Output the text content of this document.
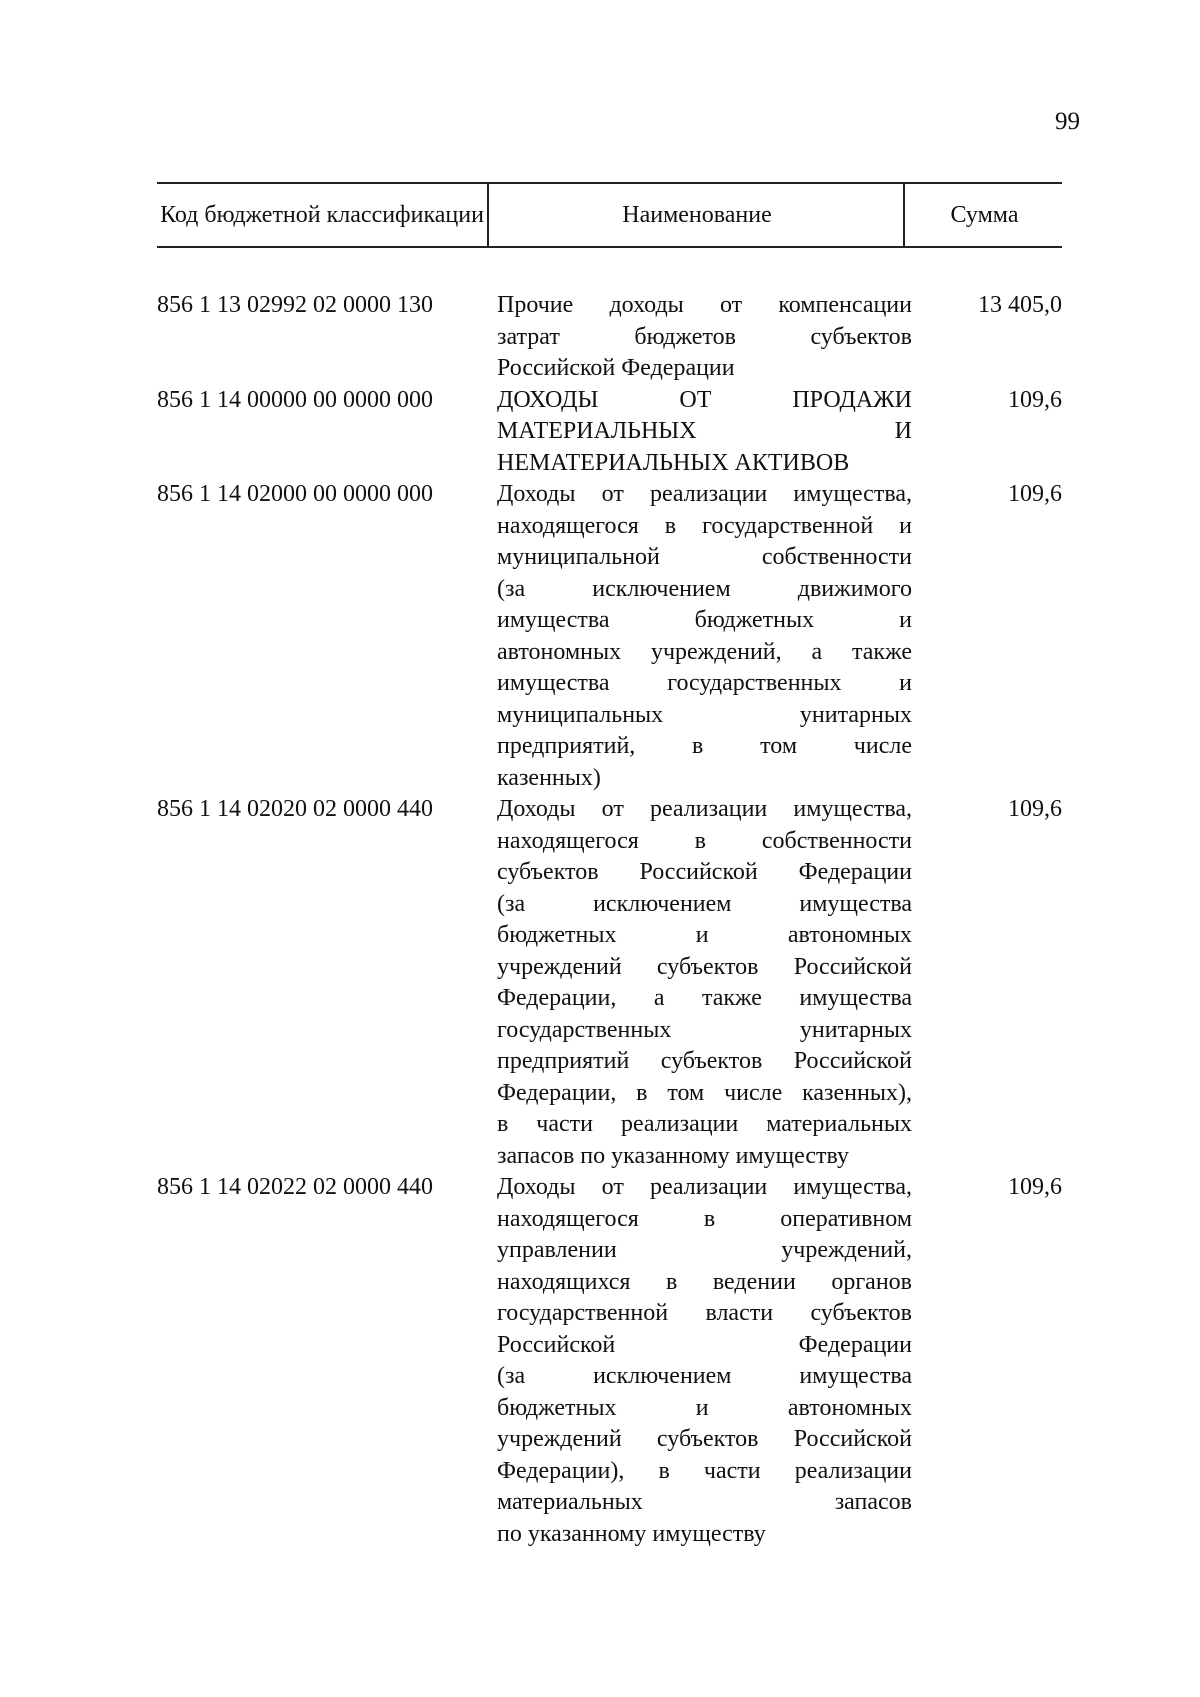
99
Код бюджетной классификации	Наименование	Сумма
856 1 13 02992 02 0000 130	Прочие доходы от компенсации
затрат бюджетов субъектов
Российской Федерации
13 405,0
856 1 14 00000 00 0000 000	ДОХОДЫ ОТ ПРОДАЖИ
МАТЕРИАЛЬНЫХ И
НЕМАТЕРИАЛЬНЫХ АКТИВОВ
109,6
856 1 14 02000 00 0000 000	Доходы от реализации имущества,
находящегося в государственной и
муниципальной собственности
(за исключением движимого
имущества бюджетных и
автономных учреждений, а также
имущества государственных и
муниципальных унитарных
предприятий, в том числе
казенных)
109,6
856 1 14 02020 02 0000 440	Доходы от реализации имущества,
находящегося в собственности
субъектов Российской Федерации
(за исключением имущества
бюджетных и автономных
учреждений субъектов Российской
Федерации, а также имущества
государственных унитарных
предприятий субъектов Российской
Федерации, в том числе казенных),
в части реализации материальных
запасов по указанному имуществу
109,6
856 1 14 02022 02 0000 440	Доходы от реализации имущества,
находящегося в оперативном
управлении учреждений,
находящихся в ведении органов
государственной власти субъектов
Российской Федерации
(за исключением имущества
бюджетных и автономных
учреждений субъектов Российской
Федерации), в части реализации
материальных запасов
по указанному имуществу
109,6
